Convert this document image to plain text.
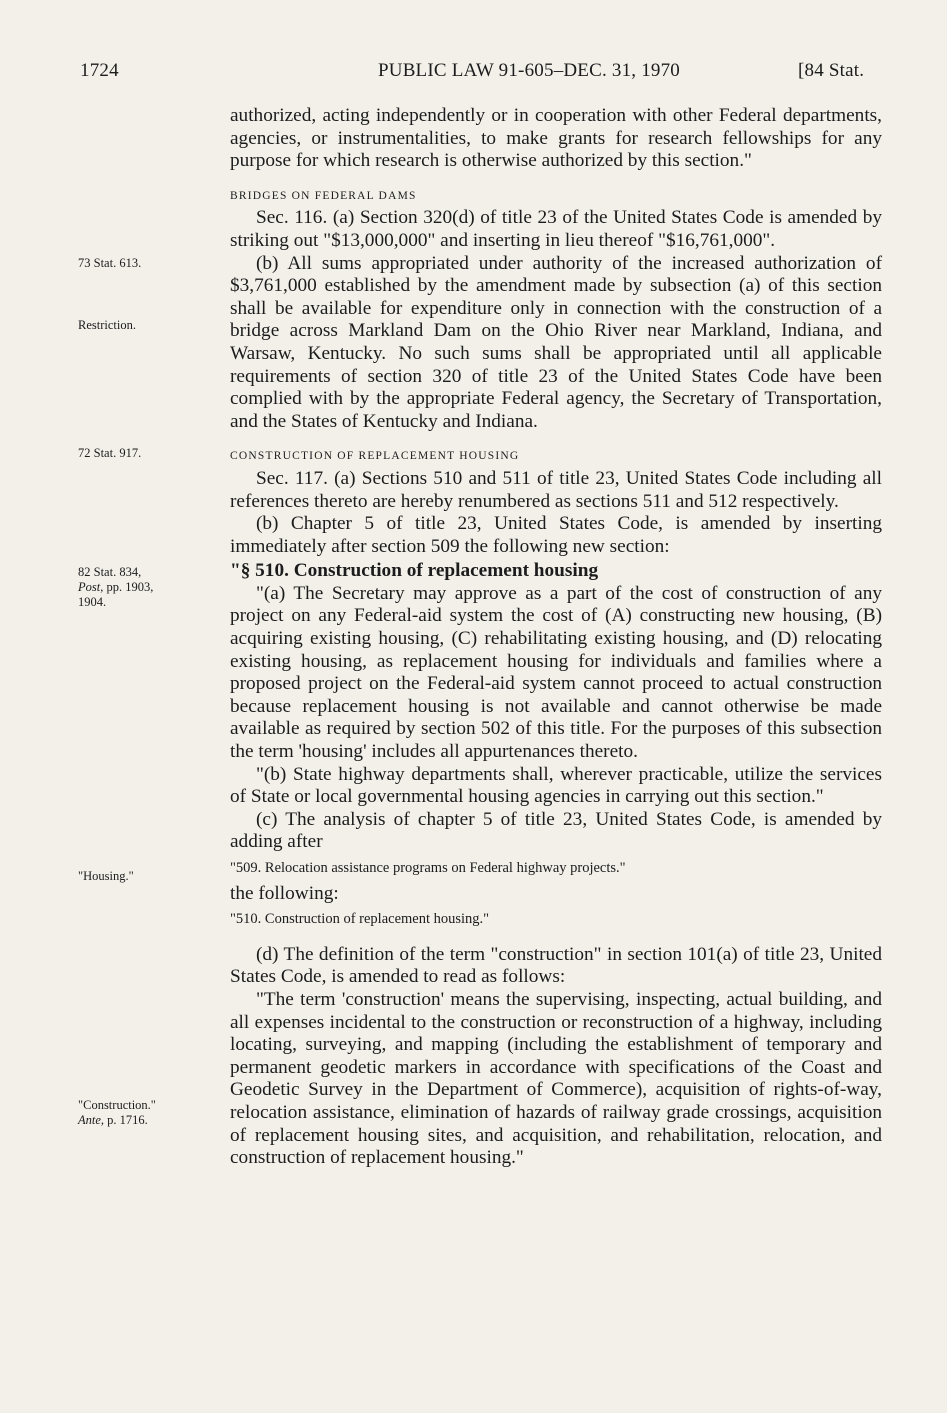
1724	PUBLIC LAW 91-605–DEC. 31, 1970	[84 Stat.
73 Stat. 613.
Restriction.
72 Stat. 917.
82 Stat. 834,
Post, pp. 1903,
1904.
"Housing."
"Construction."
Ante, p. 1716.

authorized, acting independently or in cooperation with other Federal departments, agencies, or instrumentalities, to make grants for research fellowships for any purpose for which research is otherwise authorized by this section."

BRIDGES ON FEDERAL DAMS

Sec. 116. (a) Section 320(d) of title 23 of the United States Code is amended by striking out "$13,000,000" and inserting in lieu thereof "$16,761,000".

(b) All sums appropriated under authority of the increased authorization of $3,761,000 established by the amendment made by subsection (a) of this section shall be available for expenditure only in connection with the construction of a bridge across Markland Dam on the Ohio River near Markland, Indiana, and Warsaw, Kentucky. No such sums shall be appropriated until all applicable requirements of section 320 of title 23 of the United States Code have been complied with by the appropriate Federal agency, the Secretary of Transportation, and the States of Kentucky and Indiana.

CONSTRUCTION OF REPLACEMENT HOUSING

Sec. 117. (a) Sections 510 and 511 of title 23, United States Code including all references thereto are hereby renumbered as sections 511 and 512 respectively.

(b) Chapter 5 of title 23, United States Code, is amended by inserting immediately after section 509 the following new section:

"§ 510. Construction of replacement housing

"(a) The Secretary may approve as a part of the cost of construction of any project on any Federal-aid system the cost of (A) constructing new housing, (B) acquiring existing housing, (C) rehabilitating existing housing, and (D) relocating existing housing, as replacement housing for individuals and families where a proposed project on the Federal-aid system cannot proceed to actual construction because replacement housing is not available and cannot otherwise be made available as required by section 502 of this title. For the purposes of this subsection the term 'housing' includes all appurtenances thereto.

"(b) State highway departments shall, wherever practicable, utilize the services of State or local governmental housing agencies in carrying out this section."

(c) The analysis of chapter 5 of title 23, United States Code, is amended by adding after

"509. Relocation assistance programs on Federal highway projects."

the following:

"510. Construction of replacement housing."

(d) The definition of the term "construction" in section 101(a) of title 23, United States Code, is amended to read as follows:

"The term 'construction' means the supervising, inspecting, actual building, and all expenses incidental to the construction or reconstruction of a highway, including locating, surveying, and mapping (including the establishment of temporary and permanent geodetic markers in accordance with specifications of the Coast and Geodetic Survey in the Department of Commerce), acquisition of rights-of-way, relocation assistance, elimination of hazards of railway grade crossings, acquisition of replacement housing sites, and acquisition, and rehabilitation, relocation, and construction of replacement housing."
